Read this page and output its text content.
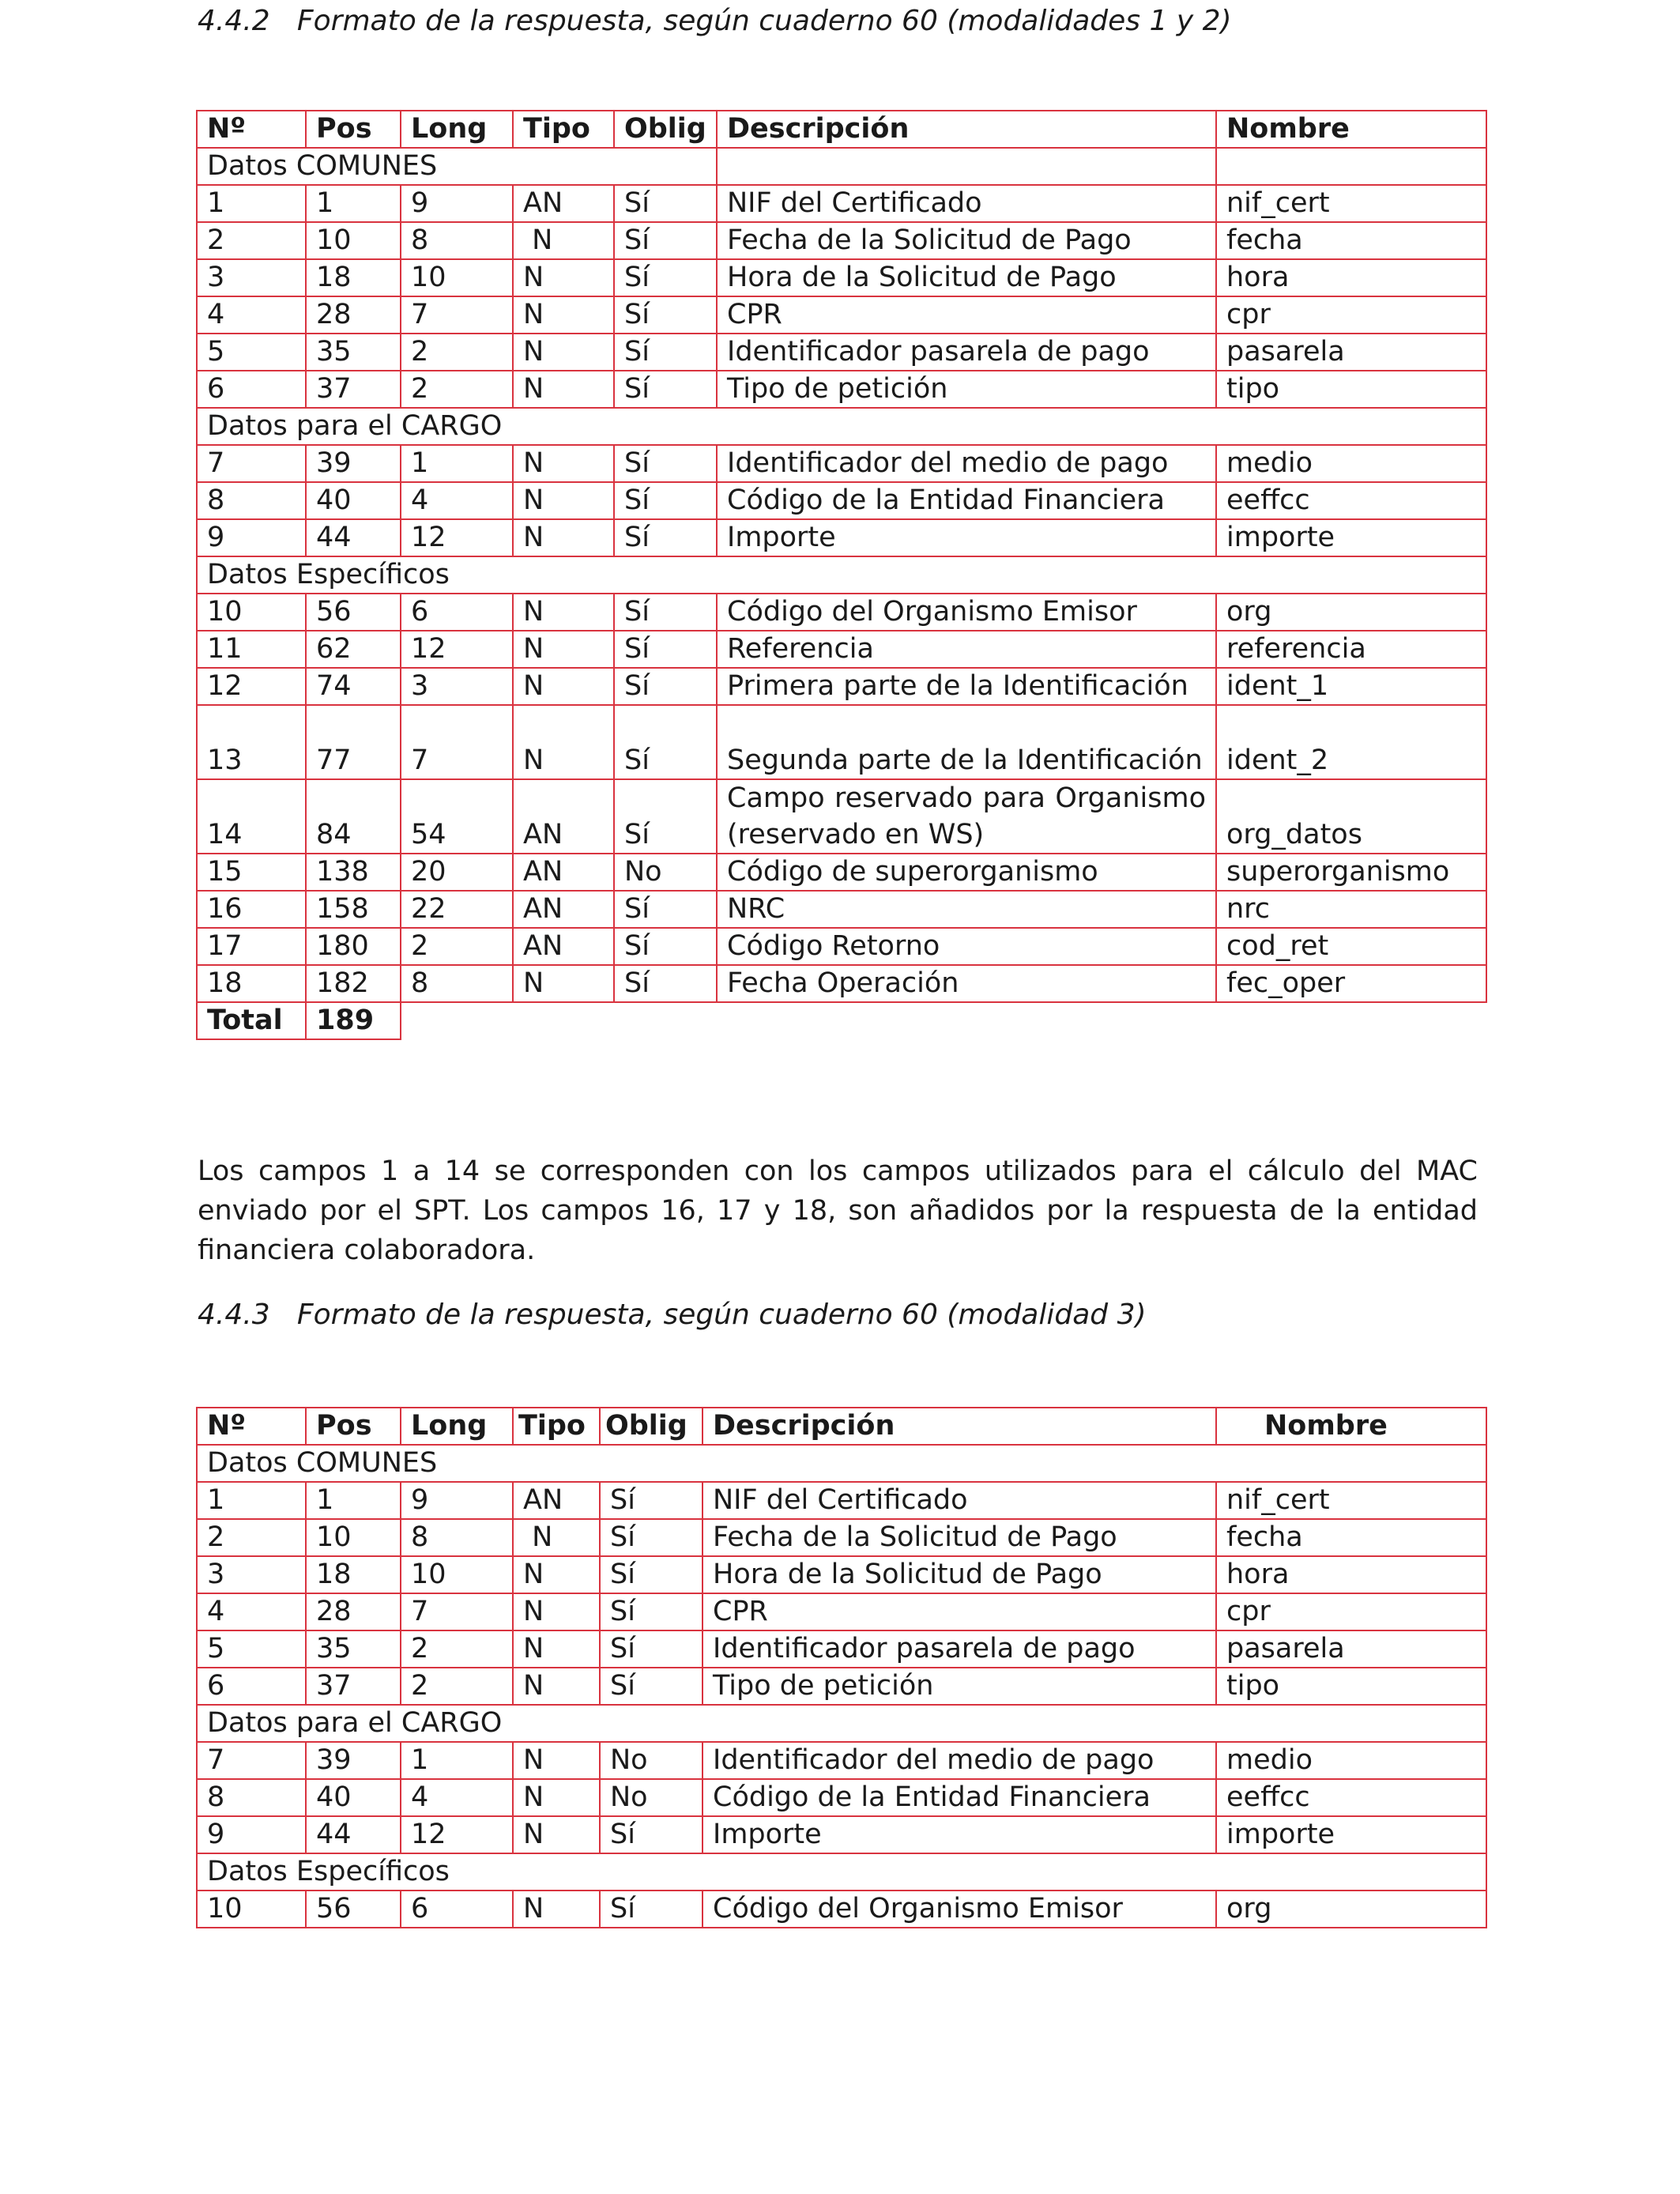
4.4.2   Formato de la respuesta, según cuaderno 60 (modalidades 1 y 2)
Nº	Pos	Long	Tipo	Oblig	Descripción	Nombre
Datos COMUNES						
1	1	9	AN	Sí	NIF del Certificado	nif_cert
2	10	8	N	Sí	Fecha de la Solicitud de Pago	fecha
3	18	10	N	Sí	Hora de la Solicitud de Pago	hora
4	28	7	N	Sí	CPR	cpr
5	35	2	N	Sí	Identificador pasarela de pago	pasarela
6	37	2	N	Sí	Tipo de petición	tipo
Datos para el CARGO						
7	39	1	N	Sí	Identificador del medio de pago	medio
8	40	4	N	Sí	Código de la Entidad Financiera	eeffcc
9	44	12	N	Sí	Importe	importe
Datos Específicos						
10	56	6	N	Sí	Código del Organismo Emisor	org
11	62	12	N	Sí	Referencia	referencia
12	74	3	N	Sí	Primera parte de la Identificación	ident_1
13	77	7	N	Sí	Segunda parte de la Identificación	ident_2
14	84	54	AN	Sí	Campo reservado para Organismo (reservado en WS)	org_datos
15	138	20	AN	No	Código de superorganismo	superorganismo
16	158	22	AN	Sí	NRC	nrc
17	180	2	AN	Sí	Código Retorno	cod_ret
18	182	8	N	Sí	Fecha Operación	fec_oper
Total	189					
Los campos 1 a 14 se corresponden con los campos utilizados para el cálculo del MAC enviado por el SPT. Los campos 16, 17 y 18, son añadidos por la respuesta de la entidad financiera colaboradora.
4.4.3   Formato de la respuesta, según cuaderno 60 (modalidad 3)
Nº	Pos	Long	Tipo	Oblig	Descripción	Nombre
Datos COMUNES						
1	1	9	AN	Sí	NIF del Certificado	nif_cert
2	10	8	N	Sí	Fecha de la Solicitud de Pago	fecha
3	18	10	N	Sí	Hora de la Solicitud de Pago	hora
4	28	7	N	Sí	CPR	cpr
5	35	2	N	Sí	Identificador pasarela de pago	pasarela
6	37	2	N	Sí	Tipo de petición	tipo
Datos para el CARGO						
7	39	1	N	No	Identificador del medio de pago	medio
8	40	4	N	No	Código de la Entidad Financiera	eeffcc
9	44	12	N	Sí	Importe	importe
Datos Específicos						
10	56	6	N	Sí	Código del Organismo Emisor	org
